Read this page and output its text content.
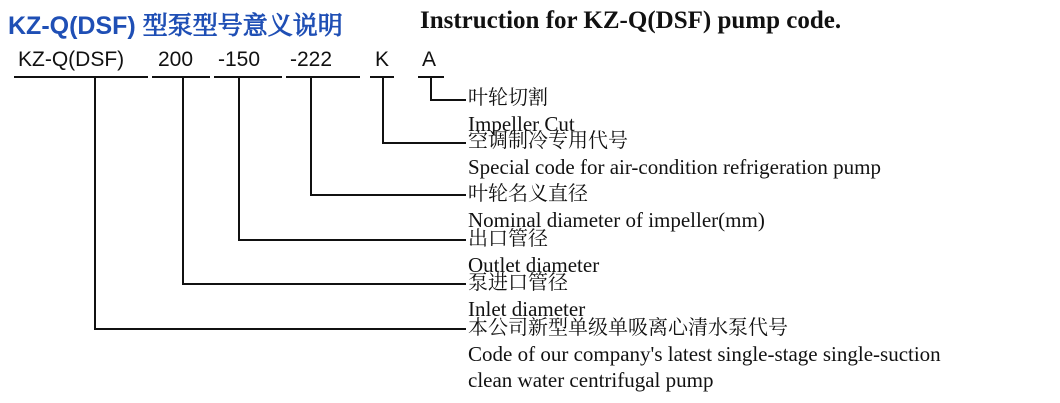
KZ-Q(DSF) 型泵型号意义说明	Instruction for KZ-Q(DSF) pump code.
KZ-Q(DSF) 200 -150 -222 K A
叶轮切割
Impeller Cut
空调制冷专用代号
Special code for air-condition refrigeration pump
叶轮名义直径
Nominal diameter of impeller(mm)
出口管径
Outlet diameter
泵进口管径
Inlet diameter
本公司新型单级单吸离心清水泵代号
Code of our company's latest single-stage single-suction
clean water centrifugal pump
